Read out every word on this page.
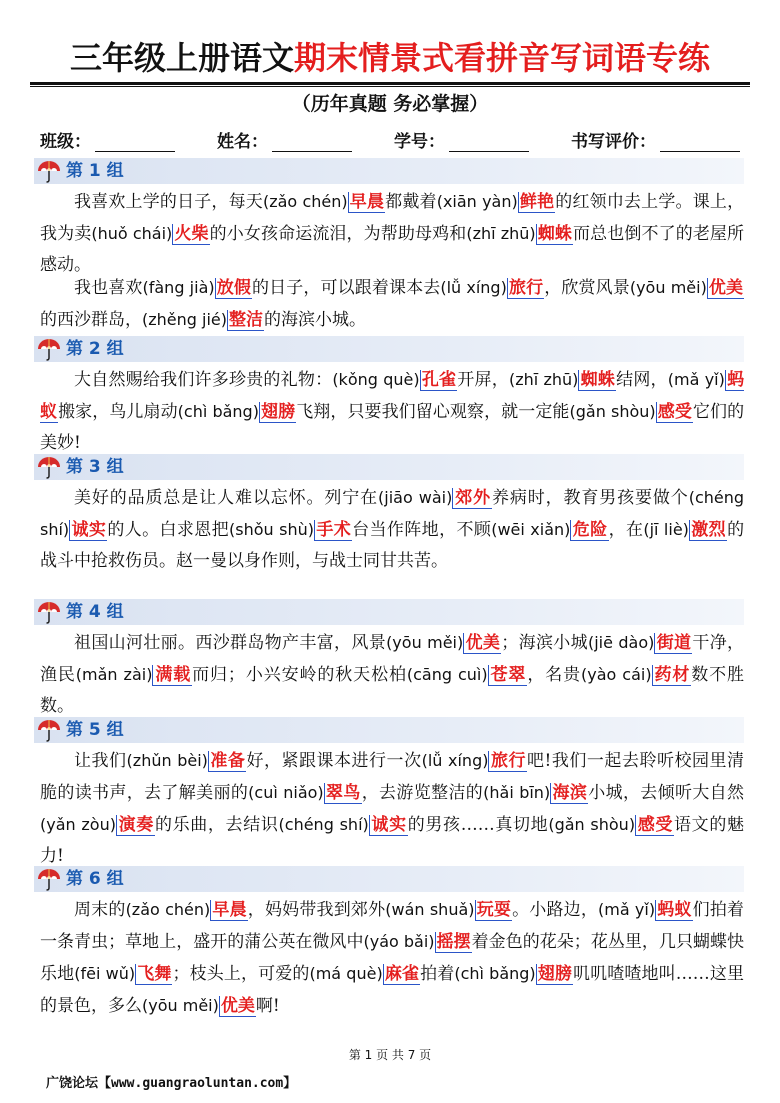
三年级上册语文期末情景式看拼音写词语专练
（历年真题 务必掌握）
班级：	姓名：	学号：	书写评价：
第 1 组
我喜欢上学的日子，每天(zǎo chén) 早晨都戴着(xiān yàn) 鲜艳的红领巾去上学。课上，我为卖(huǒ chái) 火柴的小女孩命运流泪，为帮助母鸡和(zhī zhū) 蜘蛛而总也倒不了的老屋所感动。
我也喜欢(fàng jià) 放假的日子，可以跟着课本去(lǚ xíng) 旅行，欣赏风景(yōu měi) 优美的西沙群岛，(zhěng jié) 整洁的海滨小城。
第 2 组
大自然赐给我们许多珍贵的礼物：(kǒng què) 孔雀开屏，(zhī zhū) 蜘蛛结网，(mǎ yǐ) 蚂蚁搬家，鸟儿扇动(chì bǎng) 翅膀飞翔，只要我们留心观察，就一定能(gǎn shòu) 感受它们的美妙!
第 3 组
美好的品质总是让人难以忘怀。列宁在(jiāo wài) 郊外养病时，教育男孩要做个(chéng shí) 诚实的人。白求恩把(shǒu shù) 手术台当作阵地，不顾(wēi xiǎn) 危险，在(jī liè) 激烈的战斗中抢救伤员。赵一曼以身作则，与战士同甘共苦。
第 4 组
祖国山河壮丽。西沙群岛物产丰富，风景(yōu měi) 优美；海滨小城(jiē dào) 街道干净，渔民(mǎn zài) 满载而归；小兴安岭的秋天松柏(cāng cuì) 苍翠，名贵(yào cái) 药材数不胜数。
第 5 组
让我们(zhǔn bèi) 准备好，紧跟课本进行一次(lǚ xíng) 旅行吧!我们一起去聆听校园里清脆的读书声，去了解美丽的(cuì niǎo) 翠鸟，去游览整洁的(hǎi bīn) 海滨小城，去倾听大自然(yǎn zòu) 演奏的乐曲，去结识(chéng shí) 诚实的男孩……真切地(gǎn shòu) 感受语文的魅力!
第 6 组
周末的(zǎo chén) 早晨，妈妈带我到郊外(wán shuǎ) 玩耍。小路边，(mǎ yǐ) 蚂蚁们拍着一条青虫；草地上，盛开的蒲公英在微风中(yáo bǎi) 摇摆着金色的花朵；花丛里，几只蝴蝶快乐地(fēi wǔ) 飞舞；枝头上，可爱的(má què) 麻雀拍着(chì bǎng) 翅膀叽叽喳喳地叫……这里的景色，多么(yōu měi) 优美啊!
第 1 页 共 7 页
广饶论坛【www.guangraoluntan.com】
